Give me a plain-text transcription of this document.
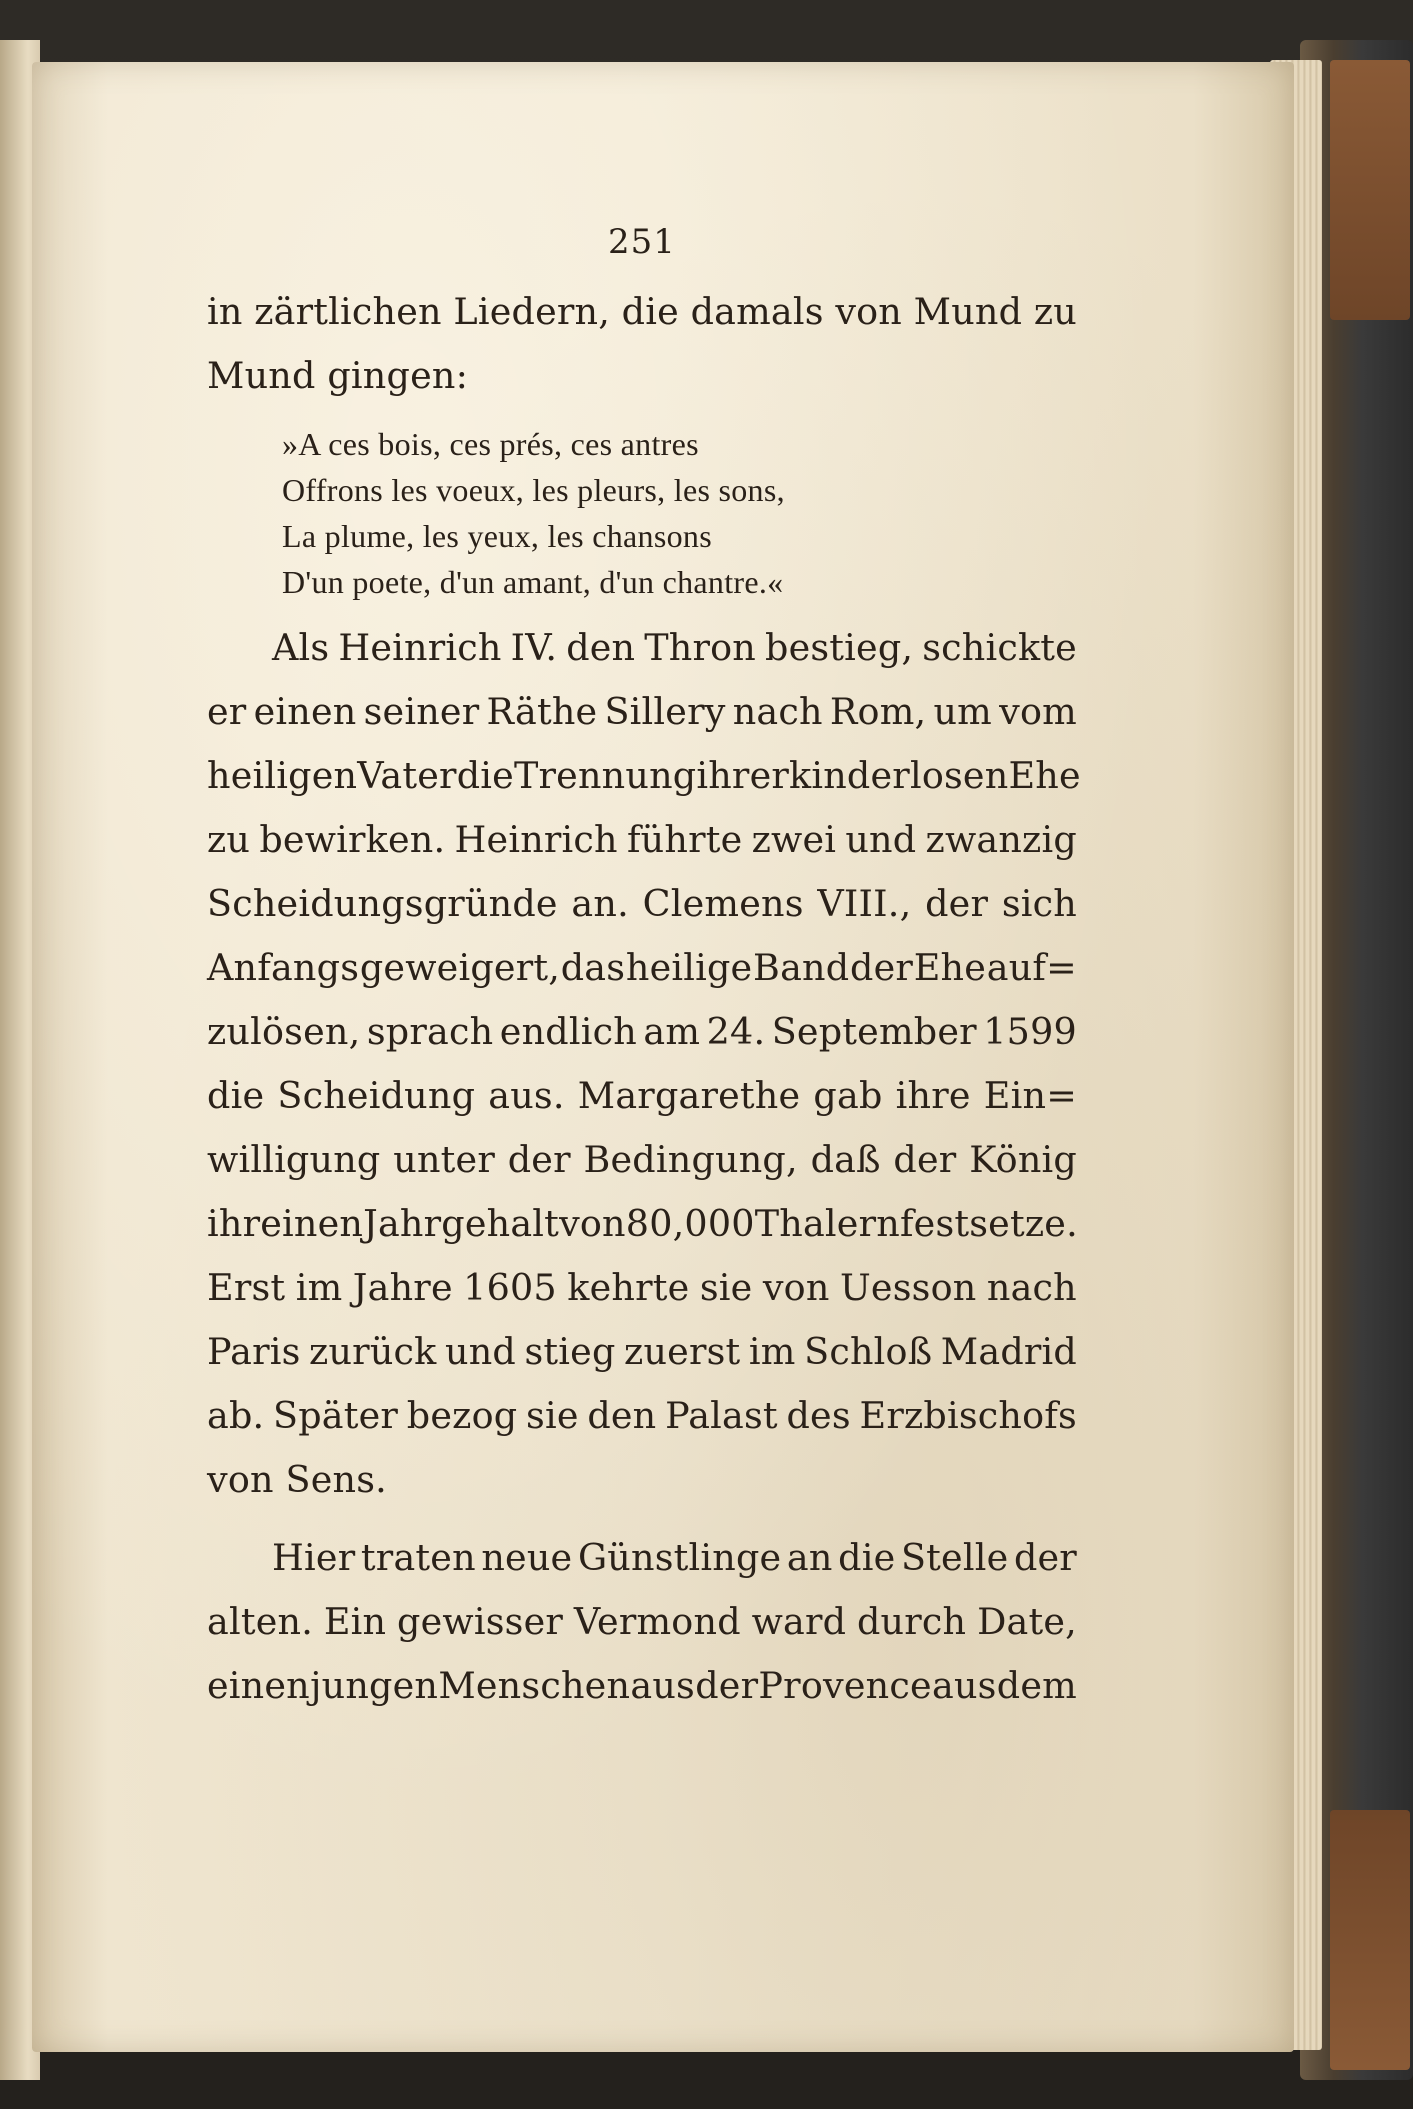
251
in zärtlichen Liedern, die damals von Mund zu
Mund gingen:
»A ces bois, ces prés, ces antres
Offrons les voeux, les pleurs, les sons,
La plume, les yeux, les chansons
D'un poete, d'un amant, d'un chantre.«
Als Heinrich IV. den Thron bestieg, schickte
er einen seiner Räthe Sillery nach Rom, um vom
heiligen Vater die Trennung ihrer kinderlosen Ehe
zu bewirken. Heinrich führte zwei und zwanzig
Scheidungsgründe an. Clemens VIII., der sich
Anfangs geweigert, das heilige Band der Ehe auf=
zulösen, sprach endlich am 24. September 1599
die Scheidung aus. Margarethe gab ihre Ein=
willigung unter der Bedingung, daß der König
ihr einen Jahrgehalt von 80,000 Thalern festsetze.
Erst im Jahre 1605 kehrte sie von Uesson nach
Paris zurück und stieg zuerst im Schloß Madrid
ab. Später bezog sie den Palast des Erzbischofs
von Sens.
Hier traten neue Günstlinge an die Stelle der
alten. Ein gewisser Vermond ward durch Date,
einen jungen Menschen aus der Provence aus dem
